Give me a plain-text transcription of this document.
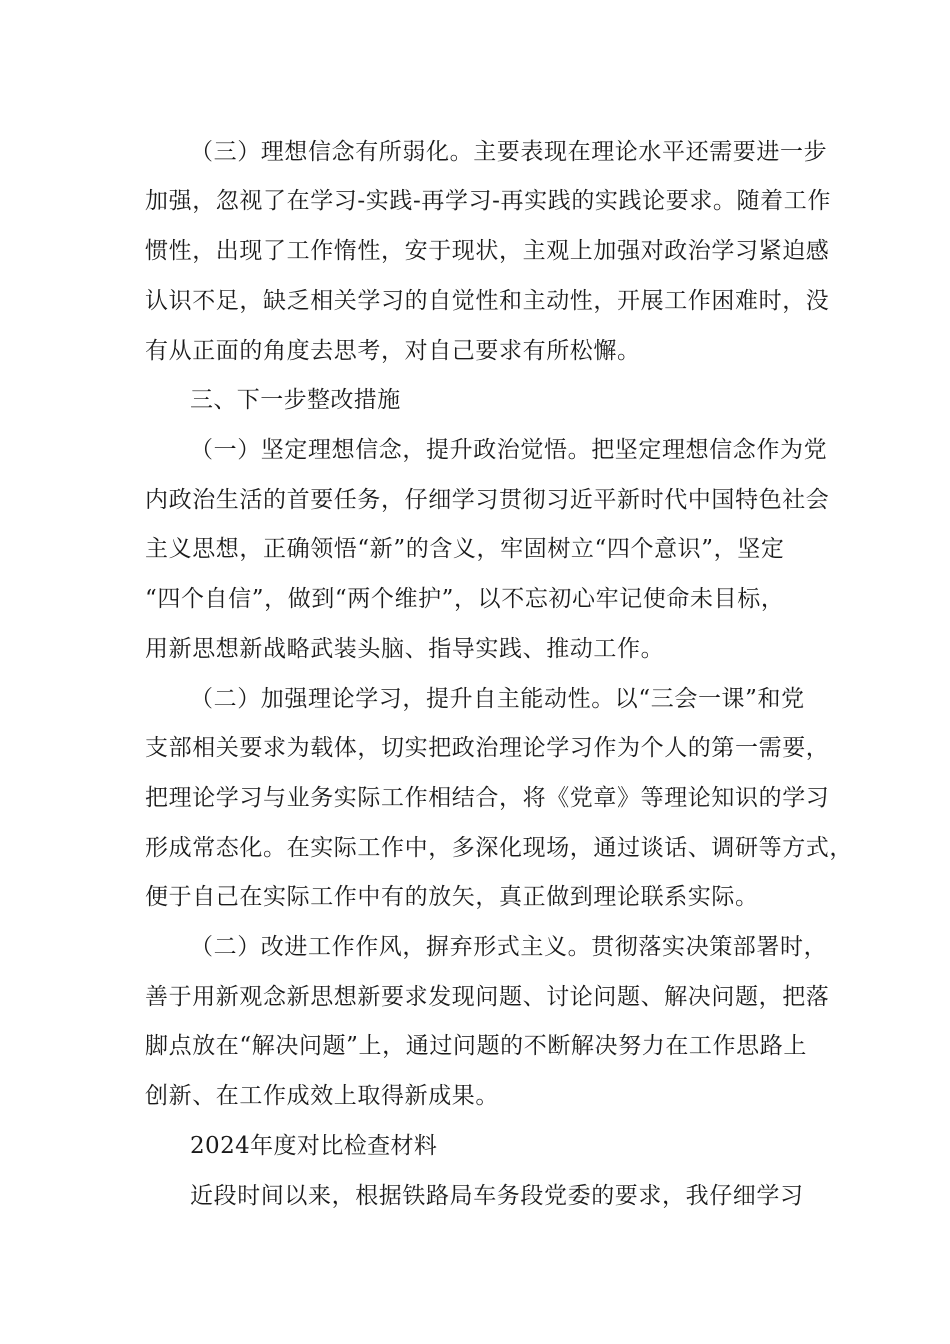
（三）理想信念有所弱化。主要表现在理论水平还需要进一步
加强，忽视了在学习-实践-再学习-再实践的实践论要求。随着工作
惯性，出现了工作惰性，安于现状，主观上加强对政治学习紧迫感
认识不足，缺乏相关学习的自觉性和主动性，开展工作困难时，没
有从正面的角度去思考，对自己要求有所松懈。
三、下一步整改措施
（一）坚定理想信念，提升政治觉悟。把坚定理想信念作为党
内政治生活的首要任务，仔细学习贯彻习近平新时代中国特色社会
主义思想，正确领悟“新”的含义，牢固树立“四个意识”，坚定
“四个自信”，做到“两个维护”，以不忘初心牢记使命未目标，
用新思想新战略武装头脑、指导实践、推动工作。
（二）加强理论学习，提升自主能动性。以“三会一课”和党
支部相关要求为载体，切实把政治理论学习作为个人的第一需要，
把理论学习与业务实际工作相结合，将《党章》等理论知识的学习
形成常态化。在实际工作中，多深化现场，通过谈话、调研等方式，
便于自己在实际工作中有的放矢，真正做到理论联系实际。
（二）改进工作作风，摒弃形式主义。贯彻落实决策部署时，
善于用新观念新思想新要求发现问题、讨论问题、解决问题，把落
脚点放在“解决问题”上，通过问题的不断解决努力在工作思路上
创新、在工作成效上取得新成果。
2024年度对比检查材料
近段时间以来，根据铁路局车务段党委的要求，我仔细学习
